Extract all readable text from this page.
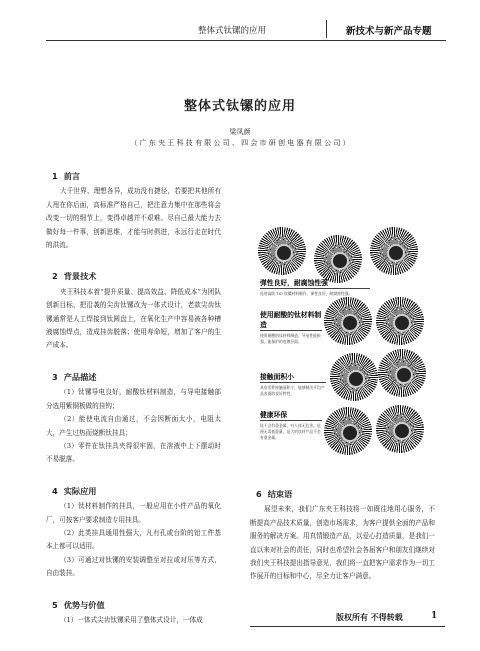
整体式钛镙的应用	新技术与新产品专题
整体式钛镙的应用
梁凤颜
（ 广 东 夹 王 科 技 有 限 公 司 、 四 会 市 研 创 电 器 有 限 公 司 ）
1 前言

大千世界、理想各异，成功没有捷径，若要把其他所有人甩在你后面，高标准严格自己，把注意力集中在那些将会改变一切的细节上，变得卓越并不艰难。尽自己最大能力去做好每一件事，创新思维，才能与时俱进，永远行走在时代的洪流。

2 背景技术

夹王科技本着“提升质量、提高效益、降低成本”为团队创新目标，把沿袭的尖齿钛镙改为一体式设计，老款尖齿钛镙通常是人工焊接到钛圆盘上，在氧化生产中容易被各种槽液腐蚀焊点，造成挂齿脱落；使用寿命短，增加了客户的生产成本。

3 产品描述

（1）钛镙导电良好，耐酸钛材料制造，与导电接触部分选用紫铜板做的挂钩；

（2）能使电流自由通过，不会因断面太小，电阻太大，产生过热而烧断钛挂具；

（3）零件在钛挂具夹得很牢固，在溶液中上下摆动时不易脱落。

4 实际应用

（1）钛材料制作的挂具，一般应用在小件产品的氧化厂，可按客户要求制造专用挂具。

（2）此类挂具通用性强大，凡有孔或台阶的铝工件基本上都可以适用。

（3）可通过对钛镙的安装调整至对拉或对压等方式，自由装挂。

5 优势与价值

（1）一体式尖齿钛镙采用了整体式设计，一体成

弹性良好，耐腐蚀性强
选用高防 TiO 钛镙材料制作，弹性良好，耐腐蚀性强。
使用耐酸的钛材料制造
使用耐酸的钛材料制造，导电性能极强，能保护的电镀层面。
接触面积小
具有零件接触面积小，能够制出平均产品表面的良好特性。
健康环保
钛不含有重金属，对人体无危害，轻便无毒低重量，是大的钛材产品不会有重金属。
6 结束语

展望未来，我们广东夹王科技将一如既往地用心服务，不断提高产品技术质量，创造市场需求，为客户提供全面的产品和服务的解决方案。用真情锻造产品，以爱心打造质量，是我们一直以来对社会的责任，同时也希望社会各届客户和朋友们继续对我们夹王科技提出指导意见，我们将一直把客户需求作为一切工作展开的目标和中心，尽全力让客户满意。

版权所有 不得转载	1
